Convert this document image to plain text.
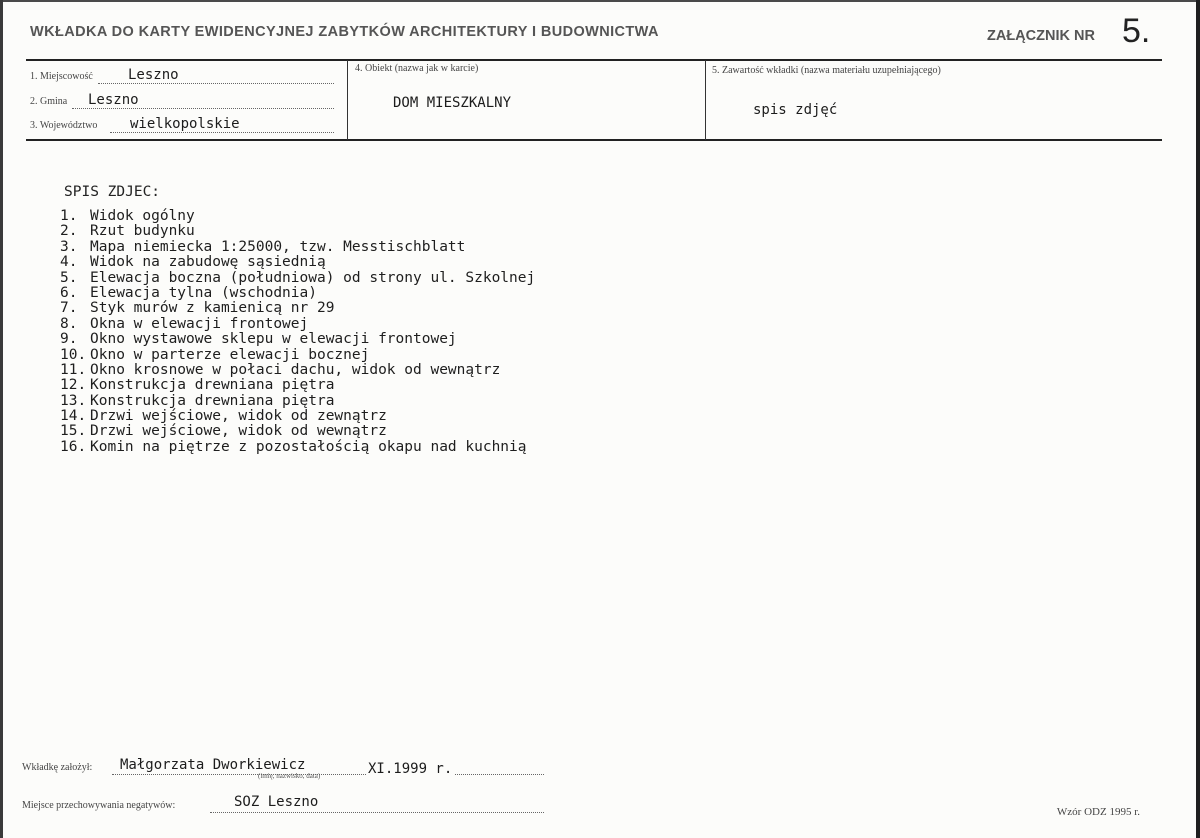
WKŁADKA DO KARTY EWIDENCYJNEJ ZABYTKÓW ARCHITEKTURY I BUDOWNICTWA	ZAŁĄCZNIK NR 5.
1. Miejscowość	Leszno
2. Gmina Leszno
3. Województwo wielkopolskie
4. Obiekt (nazwa jak w karcie)
DOM MIESZKALNY
5. Zawartość wkładki (nazwa materiału uzupełniającego)
spis zdjęć
SPIS ZDJEC:
1. Widok ogólny
2. Rzut budynku
3. Mapa niemiecka 1:25000, tzw. Messtischblatt
4. Widok na zabudowę sąsiednią
5. Elewacja boczna (południowa) od strony ul. Szkolnej
6. Elewacja tylna (wschodnia)
7. Styk murów z kamienicą nr 29
8. Okna w elewacji frontowej
9. Okno wystawowe sklepu w elewacji frontowej
10. Okno w parterze elewacji bocznej
11. Okno krosnowe w połaci dachu, widok od wewnątrz
12. Konstrukcja drewniana piętra
13. Konstrukcja drewniana piętra
14. Drzwi wejściowe, widok od zewnątrz
15. Drzwi wejściowe, widok od wewnątrz
16. Komin na piętrze z pozostałością okapu nad kuchnią
Wkładkę założył: Małgorzata Dworkiewicz
(imię, nazwisko, data)	XI.1999 r.
Miejsce przechowywania negatywów:	SOZ Leszno
Wzór ODZ 1995 r.
